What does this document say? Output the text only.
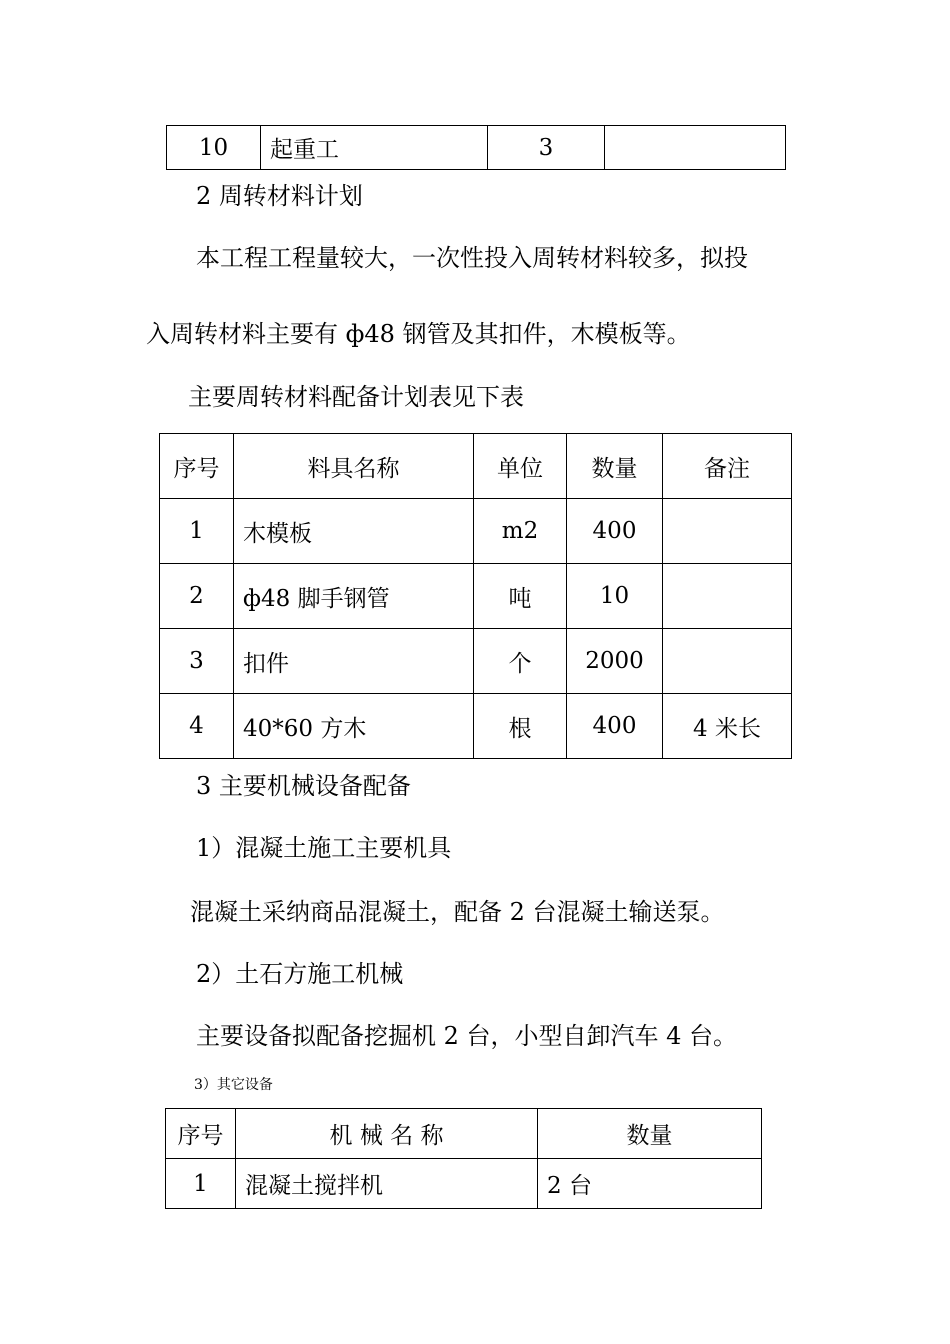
10	起重工	3	
2 周转材料计划
本工程工程量较大，一次性投入周转材料较多，拟投
入周转材料主要有 ф48 钢管及其扣件，木模板等。
主要周转材料配备计划表见下表
序号	料具名称	单位	数量	备注
1	木模板	m2	400	
2	ф48 脚手钢管	吨	10	
3	扣件	个	2000	
4	40*60 方木	根	400	4 米长
3 主要机械设备配备
1）混凝土施工主要机具
混凝土采纳商品混凝土，配备 2 台混凝土输送泵。
2）土石方施工机械
主要设备拟配备挖掘机 2 台，小型自卸汽车 4 台。
3）其它设备
序号	机 械 名 称	数量
1	混凝土搅拌机	2 台
